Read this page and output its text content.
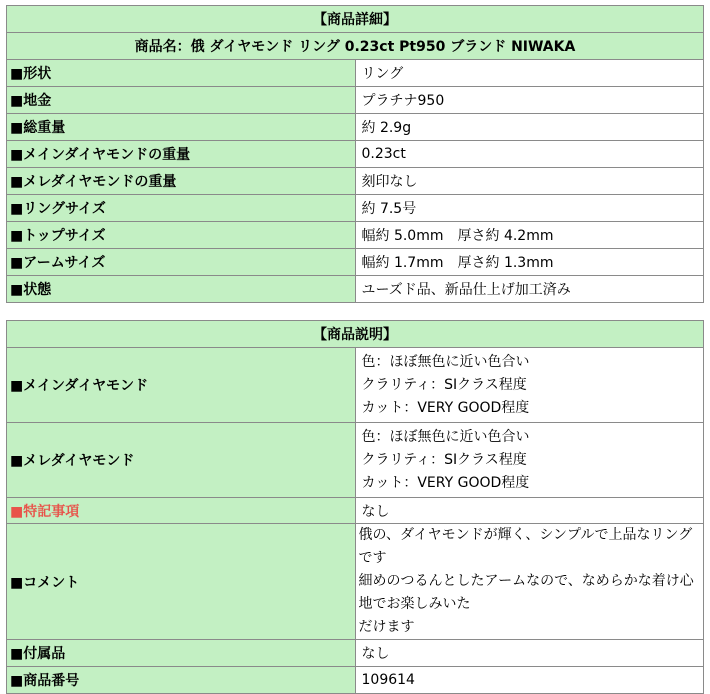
【商品詳細】	
商品名：俄 ダイヤモンド リング 0.23ct Pt950 ブランド NIWAKA	
■形状	リング
■地金	プラチナ950
■総重量	約 2.9g
■メインダイヤモンドの重量	0.23ct
■メレダイヤモンドの重量	刻印なし
■リングサイズ	約 7.5号
■トップサイズ	幅約 5.0mm　厚さ約 4.2mm
■アームサイズ	幅約 1.7mm　厚さ約 1.3mm
■状態	ユーズド品、新品仕上げ加工済み
【商品説明】	
■メインダイヤモンド	色：ほぼ無色に近い色合い
クラリティ：SIクラス程度
カット：VERY GOOD程度

■メレダイヤモンド	色：ほぼ無色に近い色合い
クラリティ：SIクラス程度
カット：VERY GOOD程度

■特記事項	なし
■コメント	俄の、ダイヤモンドが輝く、シンプルで上品なリングです
細めのつるんとしたアームなので、なめらかな着け心地でお楽しみいた
だけます

■付属品	なし
■商品番号	109614
